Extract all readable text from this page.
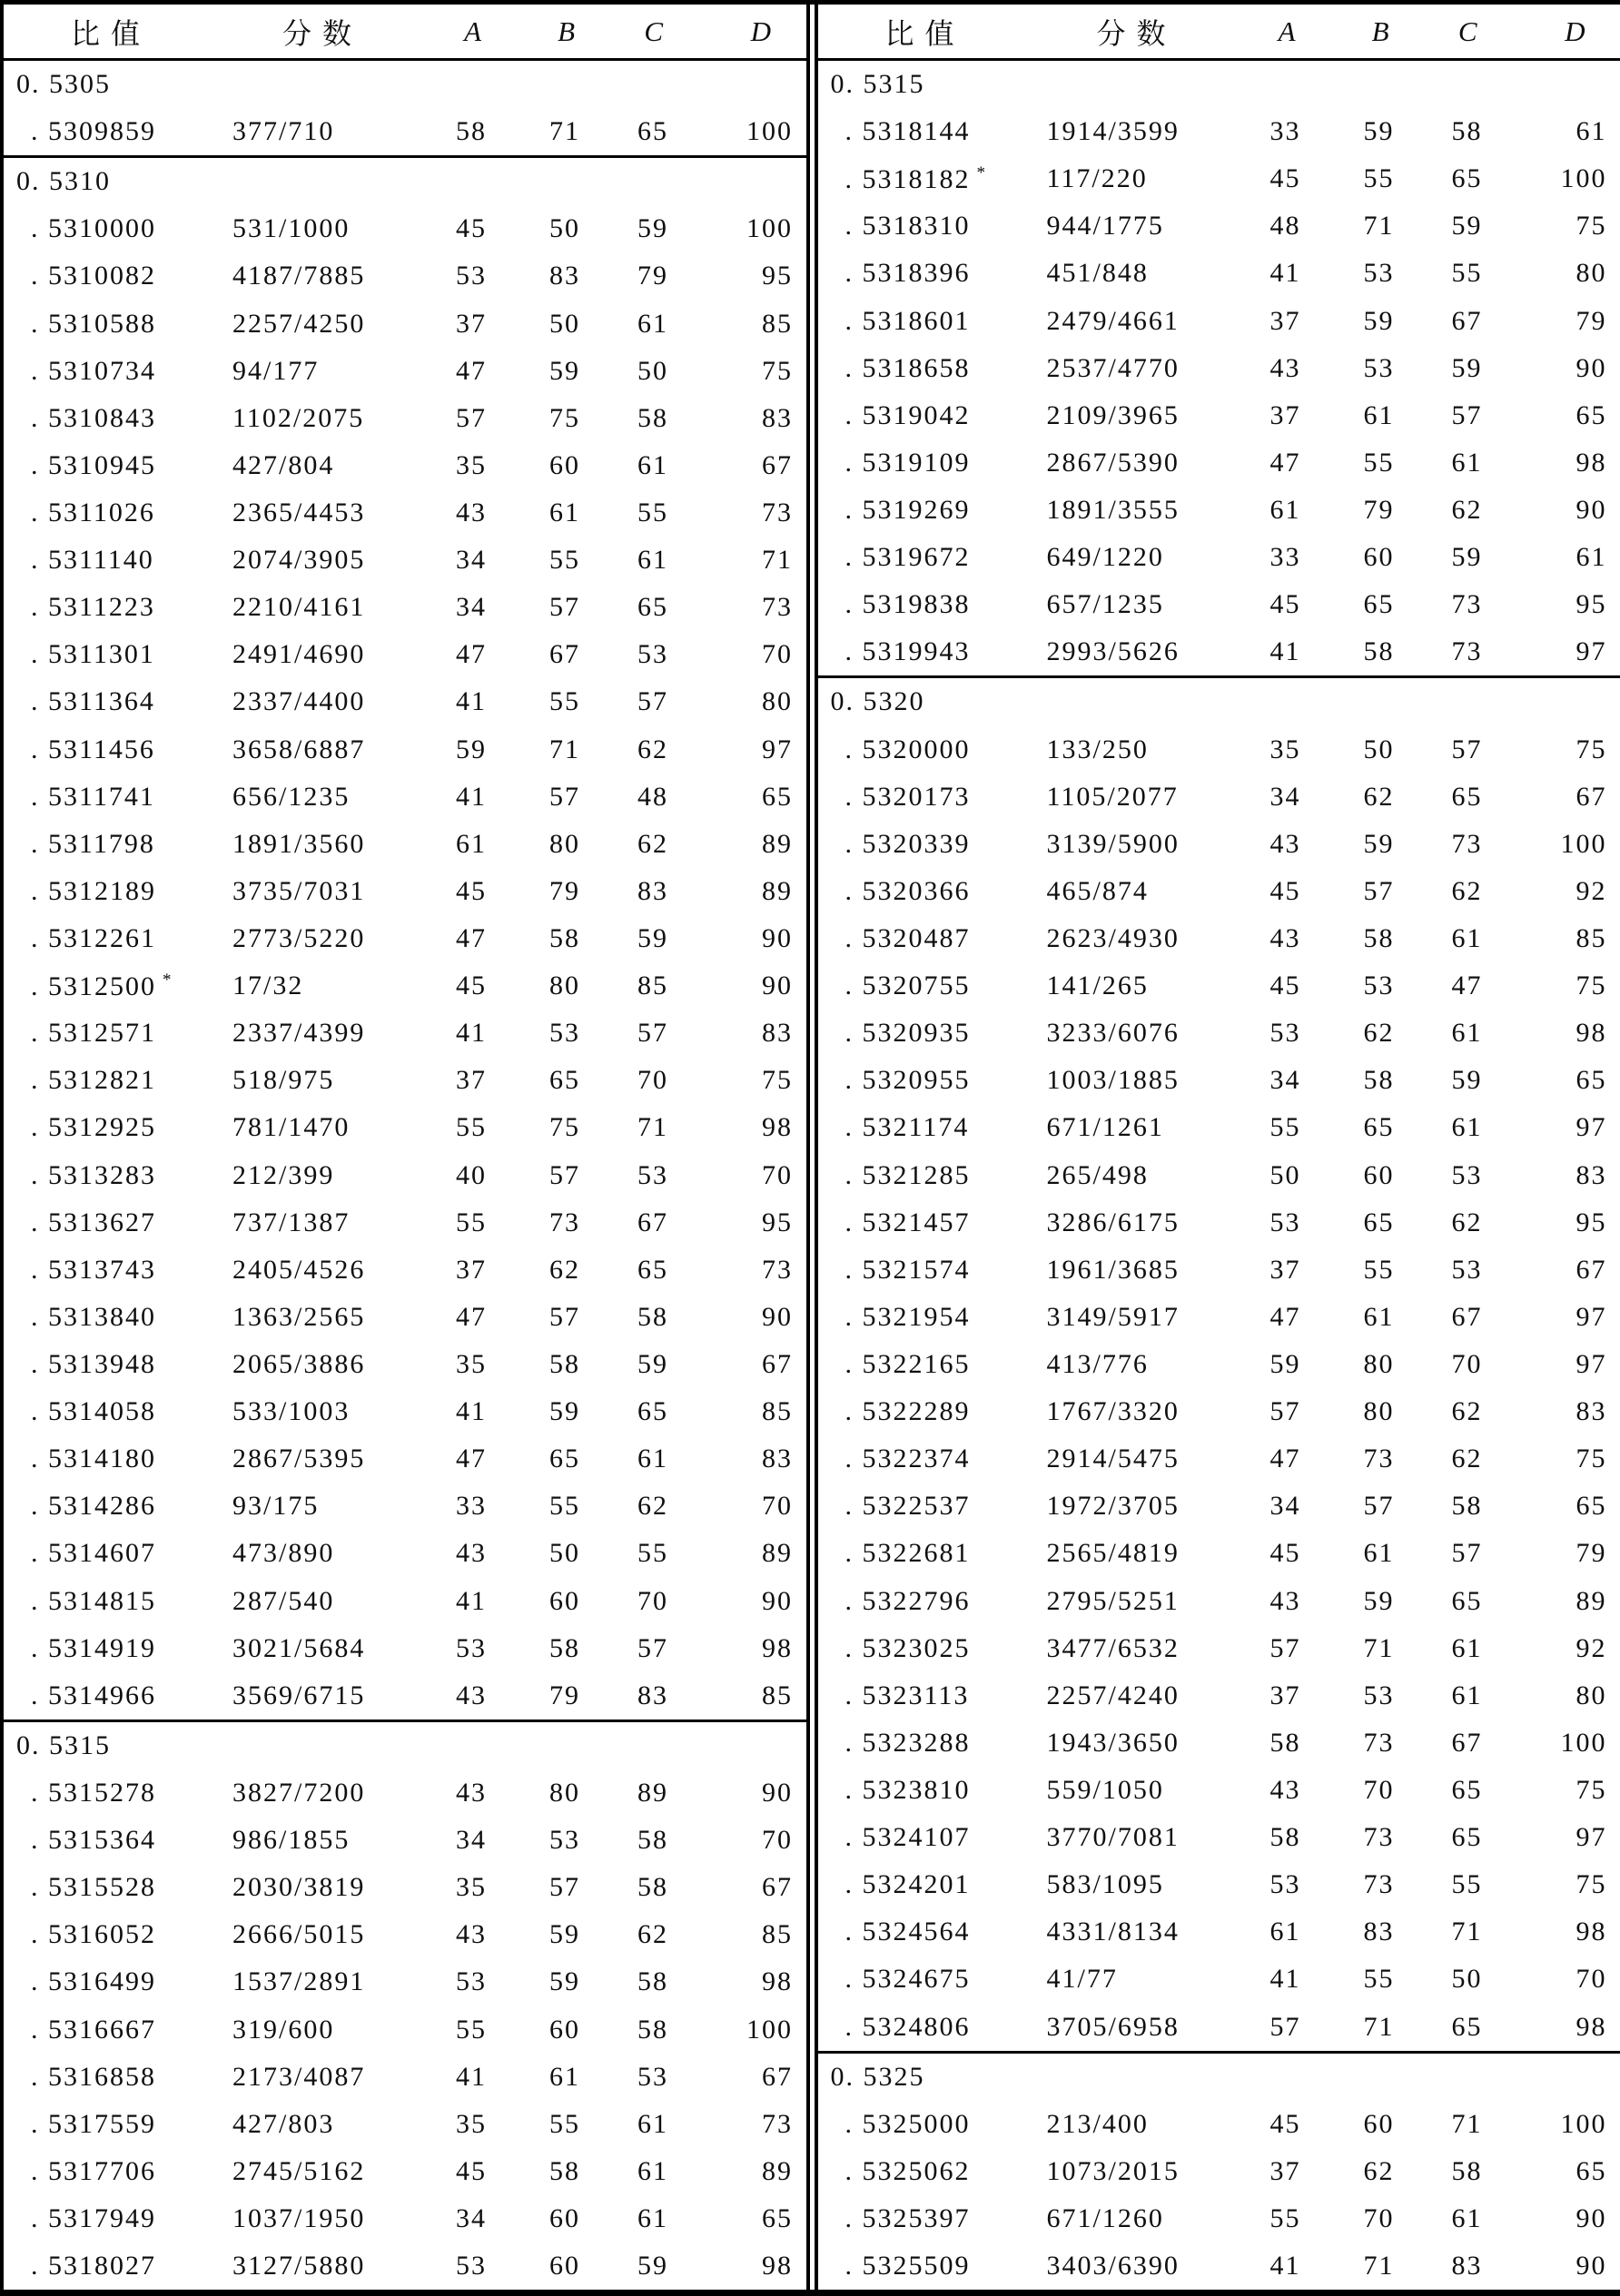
比值	分数	A	B	C	D
0. 5305
. 5309859	377/710	58	71	65	100
0. 5310
. 5310000	531/1000	45	50	59	100
. 5310082	4187/7885	53	83	79	95
. 5310588	2257/4250	37	50	61	85
. 5310734	94/177	47	59	50	75
. 5310843	1102/2075	57	75	58	83
. 5310945	427/804	35	60	61	67
. 5311026	2365/4453	43	61	55	73
. 5311140	2074/3905	34	55	61	71
. 5311223	2210/4161	34	57	65	73
. 5311301	2491/4690	47	67	53	70
. 5311364	2337/4400	41	55	57	80
. 5311456	3658/6887	59	71	62	97
. 5311741	656/1235	41	57	48	65
. 5311798	1891/3560	61	80	62	89
. 5312189	3735/7031	45	79	83	89
. 5312261	2773/5220	47	58	59	90
. 5312500 *	17/32	45	80	85	90
. 5312571	2337/4399	41	53	57	83
. 5312821	518/975	37	65	70	75
. 5312925	781/1470	55	75	71	98
. 5313283	212/399	40	57	53	70
. 5313627	737/1387	55	73	67	95
. 5313743	2405/4526	37	62	65	73
. 5313840	1363/2565	47	57	58	90
. 5313948	2065/3886	35	58	59	67
. 5314058	533/1003	41	59	65	85
. 5314180	2867/5395	47	65	61	83
. 5314286	93/175	33	55	62	70
. 5314607	473/890	43	50	55	89
. 5314815	287/540	41	60	70	90
. 5314919	3021/5684	53	58	57	98
. 5314966	3569/6715	43	79	83	85
0. 5315
. 5315278	3827/7200	43	80	89	90
. 5315364	986/1855	34	53	58	70
. 5315528	2030/3819	35	57	58	67
. 5316052	2666/5015	43	59	62	85
. 5316499	1537/2891	53	59	58	98
. 5316667	319/600	55	60	58	100
. 5316858	2173/4087	41	61	53	67
. 5317559	427/803	35	55	61	73
. 5317706	2745/5162	45	58	61	89
. 5317949	1037/1950	34	60	61	65
. 5318027	3127/5880	53	60	59	98
比值	分数	A	B	C	D
0. 5315
. 5318144	1914/3599	33	59	58	61
. 5318182 *	117/220	45	55	65	100
. 5318310	944/1775	48	71	59	75
. 5318396	451/848	41	53	55	80
. 5318601	2479/4661	37	59	67	79
. 5318658	2537/4770	43	53	59	90
. 5319042	2109/3965	37	61	57	65
. 5319109	2867/5390	47	55	61	98
. 5319269	1891/3555	61	79	62	90
. 5319672	649/1220	33	60	59	61
. 5319838	657/1235	45	65	73	95
. 5319943	2993/5626	41	58	73	97
0. 5320
. 5320000	133/250	35	50	57	75
. 5320173	1105/2077	34	62	65	67
. 5320339	3139/5900	43	59	73	100
. 5320366	465/874	45	57	62	92
. 5320487	2623/4930	43	58	61	85
. 5320755	141/265	45	53	47	75
. 5320935	3233/6076	53	62	61	98
. 5320955	1003/1885	34	58	59	65
. 5321174	671/1261	55	65	61	97
. 5321285	265/498	50	60	53	83
. 5321457	3286/6175	53	65	62	95
. 5321574	1961/3685	37	55	53	67
. 5321954	3149/5917	47	61	67	97
. 5322165	413/776	59	80	70	97
. 5322289	1767/3320	57	80	62	83
. 5322374	2914/5475	47	73	62	75
. 5322537	1972/3705	34	57	58	65
. 5322681	2565/4819	45	61	57	79
. 5322796	2795/5251	43	59	65	89
. 5323025	3477/6532	57	71	61	92
. 5323113	2257/4240	37	53	61	80
. 5323288	1943/3650	58	73	67	100
. 5323810	559/1050	43	70	65	75
. 5324107	3770/7081	58	73	65	97
. 5324201	583/1095	53	73	55	75
. 5324564	4331/8134	61	83	71	98
. 5324675	41/77	41	55	50	70
. 5324806	3705/6958	57	71	65	98
0. 5325
. 5325000	213/400	45	60	71	100
. 5325062	1073/2015	37	62	58	65
. 5325397	671/1260	55	70	61	90
. 5325509	3403/6390	41	71	83	90
